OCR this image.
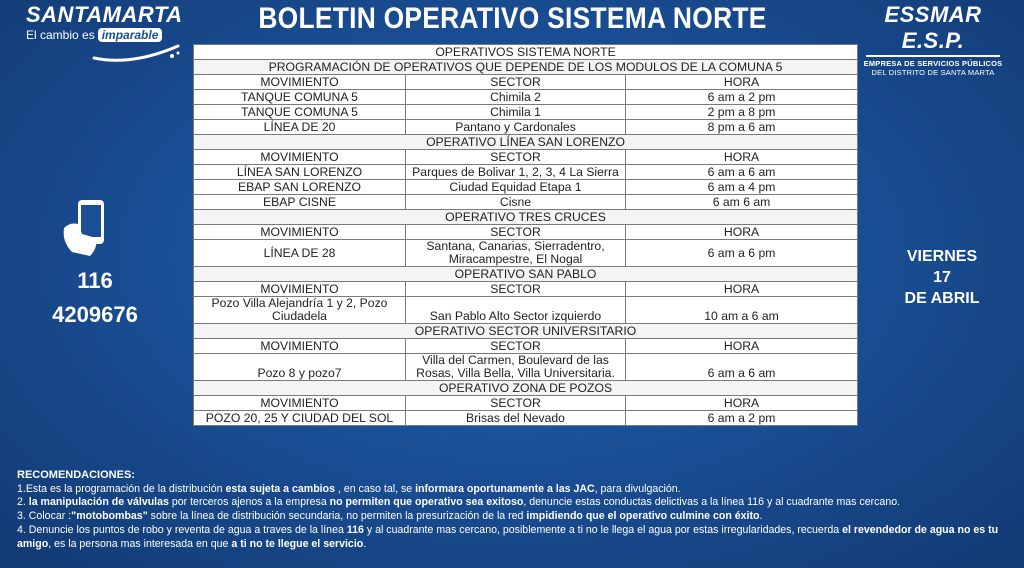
SANTAMARTA
El cambio es imparable	BOLETIN OPERATIVO SISTEMA NORTE	ESSMAR E.S.P.
EMPRESA DE SERVICIOS PÚBLICOS
DEL DISTRITO DE SANTA MARTA
116
4209676
VIERNES
17
DE ABRIL
OPERATIVOS SISTEMA NORTE		
PROGRAMACIÓN DE OPERATIVOS QUE DEPENDE DE LOS MODULOS DE LA COMUNA 5		
MOVIMIENTO	SECTOR	HORA
TANQUE COMUNA 5	Chimila 2	6 am a 2 pm
TANQUE COMUNA 5	Chimila 1	2 pm a 8 pm
LÍNEA DE 20	Pantano y Cardonales	8 pm a 6 am
OPERATIVO LÍNEA SAN LORENZO		
MOVIMIENTO	SECTOR	HORA
LÍNEA SAN LORENZO	Parques de Bolivar 1, 2, 3, 4 La Sierra	6 am a 6 am
EBAP SAN LORENZO	Ciudad Equidad Etapa 1	6 am a 4 pm
EBAP CISNE	Cisne	6 am 6 am
OPERATIVO TRES CRUCES		
MOVIMIENTO	SECTOR	HORA
LÍNEA DE 28	Santana, Canarias, Sierradentro, Miracampestre, El Nogal	6 am a 6 pm
OPERATIVO SAN PABLO		
MOVIMIENTO	SECTOR	HORA
Pozo Villa Alejandría 1 y 2, Pozo Ciudadela	San Pablo Alto Sector izquierdo	10 am a 6 am
OPERATIVO SECTOR UNIVERSITARIO		
MOVIMIENTO	SECTOR	HORA
Pozo 8 y pozo7	Villa del Carmen, Boulevard de las Rosas, Villa Bella, Villa Universitaria.	6 am a 6 am
OPERATIVO ZONA DE POZOS		
MOVIMIENTO	SECTOR	HORA
POZO 20, 25 Y CIUDAD DEL SOL	Brisas del Nevado	6 am a 2 pm
RECOMENDACIONES:
1.Esta es la programación de la distribución esta sujeta a cambios , en caso tal, se informara oportunamente a las JAC, para divulgación.
2. la manipulación de válvulas por terceros ajenos a la empresa no permiten que operativo sea exitoso, denuncie estas conductas delictivas a la línea 116 y al cuadrante mas cercano.
3. Colocar :"motobombas" sobre la línea de distribución secundaria, no permiten la presurización de la red impidiendo que el operativo culmine con éxito.
4. Denuncie los puntos de robo y reventa de agua a traves de la línea 116 y al cuadrante mas cercano, posiblemente a ti no le llega el agua por estas irregularidades, recuerda el revendedor de agua no es tu amigo, es la persona mas interesada en que a ti no te llegue el servicio.
